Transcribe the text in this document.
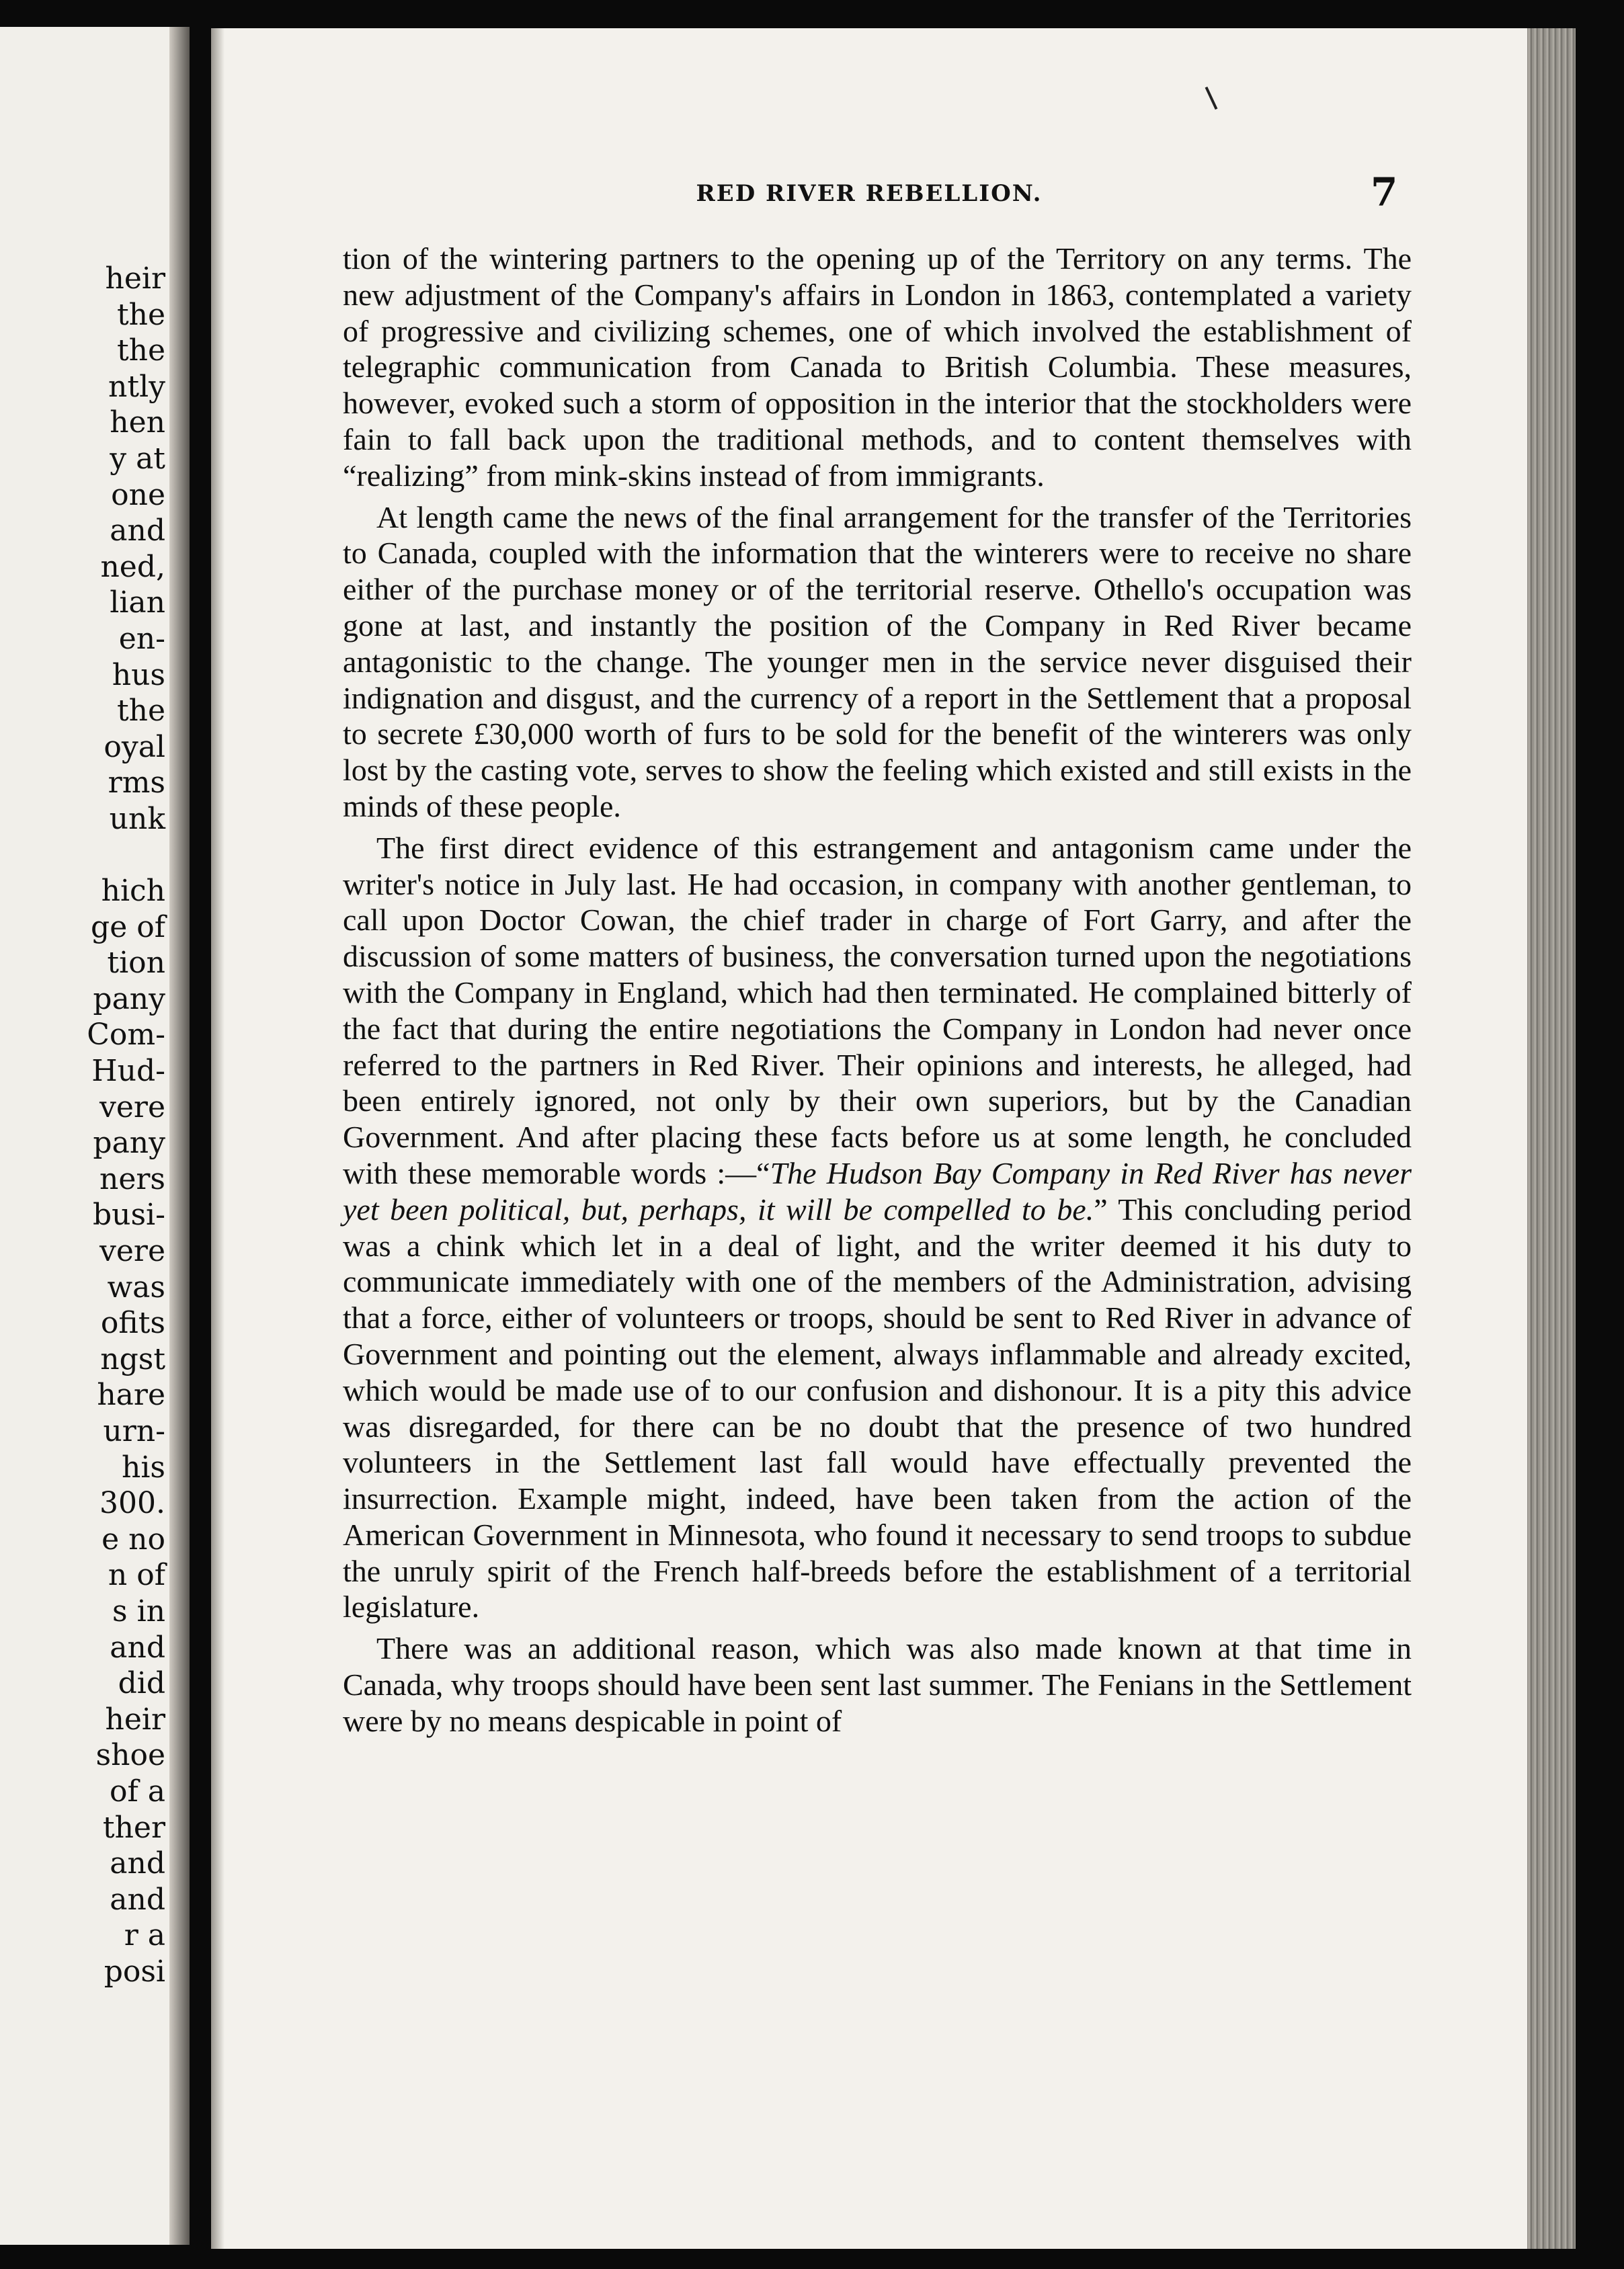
heir
the
the
ntly
hen
y at
one
and
ned,
lian
en-
hus
the
oyal
rms
unk
hich
ge of
tion
pany
Com-
Hud-
vere
pany
ners
busi-
vere
was
ofits
ngst
hare
urn-
his
300.
e no
n of
s in
and
did
heir
shoe
of a
ther
and
and
r a
posi
RED RIVER REBELLION.	7

tion of the wintering partners to the opening up of the Territory on any terms. The new adjustment of the Company's affairs in London in 1863, contemplated a variety of progressive and civilizing schemes, one of which involved the establishment of telegraphic communication from Canada to British Columbia. These measures, however, evoked such a storm of opposition in the interior that the stockholders were fain to fall back upon the traditional methods, and to content themselves with “realizing” from mink-skins instead of from immigrants.

At length came the news of the final arrangement for the transfer of the Territories to Canada, coupled with the information that the winterers were to receive no share either of the purchase money or of the territorial reserve. Othello's occupation was gone at last, and instantly the position of the Company in Red River became antagonistic to the change. The younger men in the service never disguised their indignation and disgust, and the currency of a report in the Settlement that a proposal to secrete £30,000 worth of furs to be sold for the benefit of the winterers was only lost by the casting vote, serves to show the feeling which existed and still exists in the minds of these people.

The first direct evidence of this estrangement and antagonism came under the writer's notice in July last. He had occasion, in company with another gentleman, to call upon Doctor Cowan, the chief trader in charge of Fort Garry, and after the discussion of some matters of business, the conversation turned upon the negotiations with the Company in England, which had then terminated. He complained bitterly of the fact that during the entire negotiations the Company in London had never once referred to the partners in Red River. Their opinions and interests, he alleged, had been entirely ignored, not only by their own superiors, but by the Canadian Government. And after placing these facts before us at some length, he concluded with these memorable words :—“The Hudson Bay Company in Red River has never yet been political, but, perhaps, it will be compelled to be.” This concluding period was a chink which let in a deal of light, and the writer deemed it his duty to communicate immediately with one of the members of the Administration, advising that a force, either of volunteers or troops, should be sent to Red River in advance of Government and pointing out the element, always inflammable and already excited, which would be made use of to our confusion and dishonour. It is a pity this advice was disregarded, for there can be no doubt that the presence of two hundred volunteers in the Settlement last fall would have effectually prevented the insurrection. Example might, indeed, have been taken from the action of the American Government in Minnesota, who found it necessary to send troops to subdue the unruly spirit of the French half-breeds before the establishment of a territorial legislature.

There was an additional reason, which was also made known at that time in Canada, why troops should have been sent last summer. The Fenians in the Settlement were by no means despicable in point of
